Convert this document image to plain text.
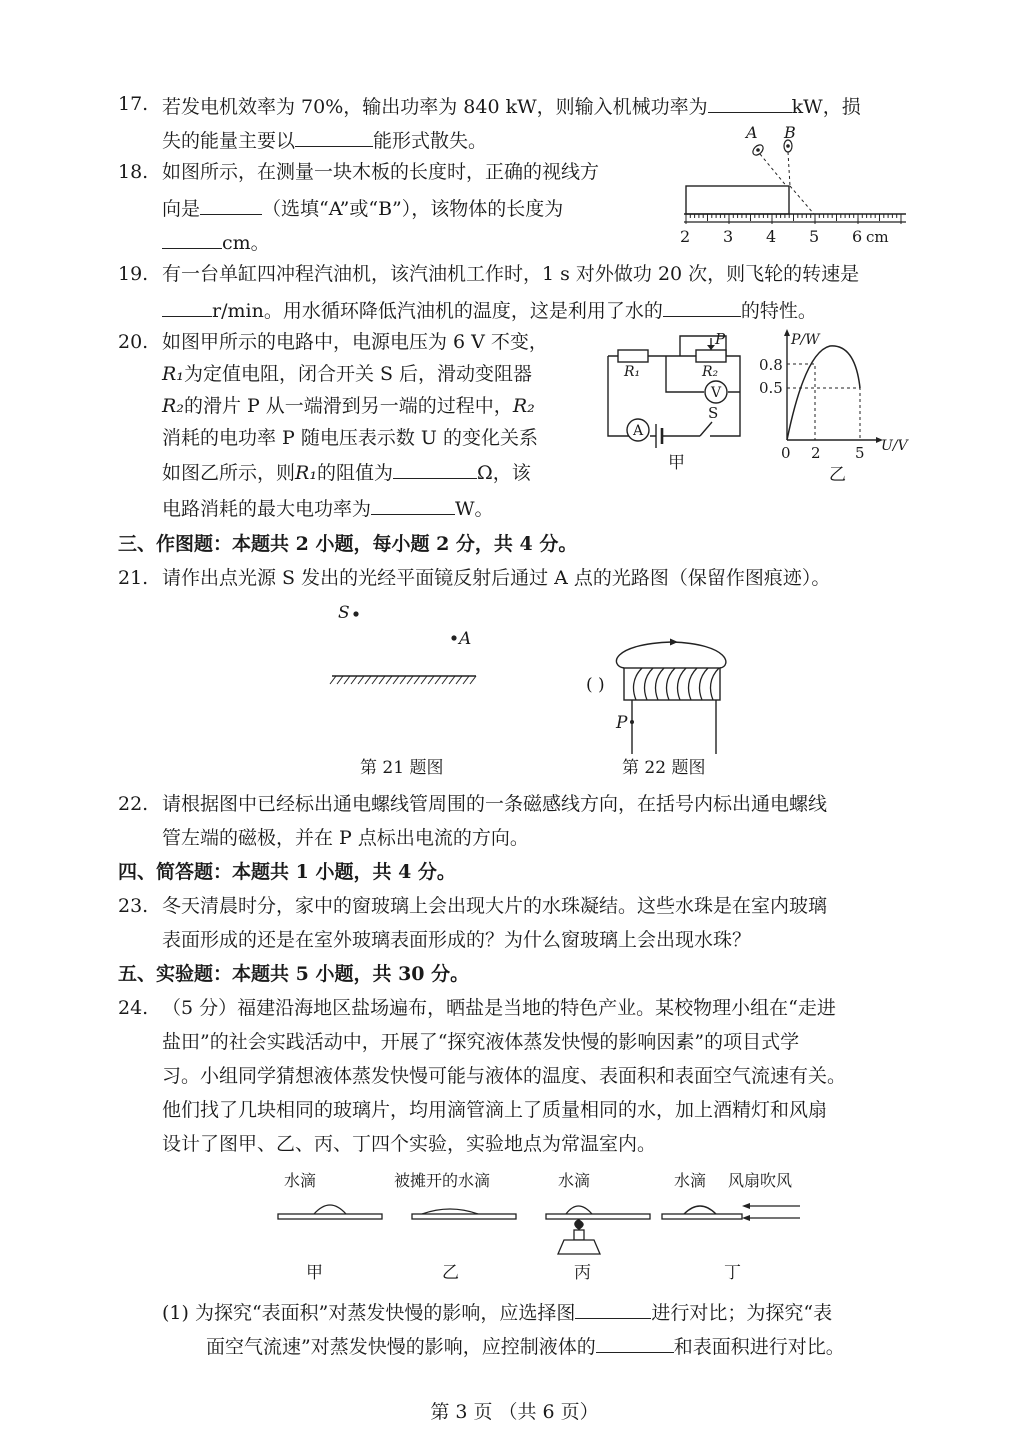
17. 若发电机效率为 70%，输出功率为 840 kW，则输入机械功率为	kW，损
失的能量主要以	能形式散失。
18. 如图所示，在测量一块木板的长度时，正确的视线方
向是	（选填“A”或“B”），该物体的长度为
cm。
A B
2 3 4 5 6 cm
19. 有一台单缸四冲程汽油机，该汽油机工作时，1 s 对外做功 20 次，则飞轮的转速是
r/min。用水循环降低汽油机的温度，这是利用了水的	的特性。
20. 如图甲所示的电路中，电源电压为 6 V 不变，
R₁为定值电阻，闭合开关 S 后，滑动变阻器
R₂的滑片 P 从一端滑到另一端的过程中，R₂
消耗的电功率 P 随电压表示数 U 的变化关系
如图乙所示，则R₁的阻值为	Ω，该
电路消耗的最大电功率为	W。
P
R₁	R₂
V
A
S
甲
P/W
U/V
0.8
0.5
0 2 5
乙
三、作图题：本题共 2 小题，每小题 2 分，共 4 分。
21. 请作出点光源 S 发出的光经平面镜反射后通过 A 点的光路图（保留作图痕迹）。
S
A
第 21 题图
P
( )
第 22 题图
22. 请根据图中已经标出通电螺线管周围的一条磁感线方向，在括号内标出通电螺线
管左端的磁极，并在 P 点标出电流的方向。
四、简答题：本题共 1 小题，共 4 分。
23. 冬天清晨时分，家中的窗玻璃上会出现大片的水珠凝结。这些水珠是在室内玻璃
表面形成的还是在室外玻璃表面形成的？为什么窗玻璃上会出现水珠？
五、实验题：本题共 5 小题，共 30 分。
24. （5 分）福建沿海地区盐场遍布，晒盐是当地的特色产业。某校物理小组在“走进
盐田”的社会实践活动中，开展了“探究液体蒸发快慢的影响因素”的项目式学
习。小组同学猜想液体蒸发快慢可能与液体的温度、表面积和表面空气流速有关。
他们找了几块相同的玻璃片，均用滴管滴上了质量相同的水，加上酒精灯和风扇
设计了图甲、乙、丙、丁四个实验，实验地点为常温室内。
水滴
甲
被摊开的水滴
乙
水滴
丙
水滴 风扇吹风
丁
(1) 为探究“表面积”对蒸发快慢的影响，应选择图	进行对比；为探究“表
面空气流速”对蒸发快慢的影响，应控制液体的	和表面积进行对比。
第 3 页 （共 6 页）
